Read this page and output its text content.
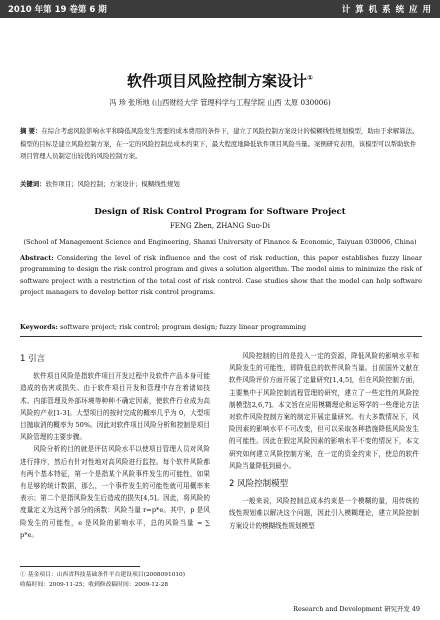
2010 年第 19 卷第 6 期	计 算 机 系 统 应 用
软件项目风险控制方案设计①
冯 珍 张所地 (山西财经大学 管理科学与工程学院 山西 太原 030006)
摘 要：在综合考虑风险影响水平和降低风险发生需要的成本费用的条件下，建立了风险控制方案设计的模糊线性规划模型，助由于求解算法。模型的目标是建立风险控制方案，在一定的风险控制总成本约束下，最大程度地降低软件项目风险当量。案例研究表明，该模型可以帮助软件项目管理人员制定出较优的风险控制方案。
关键词：软件项目；风险控制；方案设计；模糊线性规划
Design of Risk Control Program for Software Project
FENG Zhen, ZHANG Suo-Di
(School of Management Science and Engineering, Shanxi University of Finance & Economic, Taiyuan 030006, China)
Abstract: Considering the level of risk influence and the cost of risk reduction, this paper establishes fuzzy linear programming to design the risk control program and gives a solution algorithm. The model aims to minimize the risk of software project with a restriction of the total cost of risk control. Case studies show that the model can help software project managers to develop better risk control programs.
Keywords: software project; risk control; program design; fuzzy linear programming
1 引言

软件项目风险是指软件项目开发过程中及软件产品本身可能造成的伤害或损失。由于软件项目开发和管理中存在着诸如技术、内部管理及外部环境等种种不确定因素，使软件行业成为高风险的产业[1-3]。大型项目的按时完成的概率几乎为 0，大型项目抛取消的概率为 50%。因此对软件项目风险分析和控制是项目风险管理的主要步骤。

风险分析的目的就是评估风险水平以使项目管理人员对风险进行排序，然后有针对性地对高风险进行监控。每个软件风险都有两个基本特征，第一个是指某个风险事件发生的可能性，如果有足够的统计数据，那么，一个事件发生的可能性就可用概率来表示；第二个是指风险发生后造成的损失[4,5]。因此，将风险的度量定义为这两个部分的函数：风险当量 r=p*e。其中，p 是风险发生的可能性，e 是风险的影响水平，总的风险当量 = ∑ p*e。

风险控制的目的是投入一定的资源，降低风险的影响水平和风险发生的可能性，即降低总的软件风险当量。目前国外文献在软件风险评价方面开展了定量研究[1,4,5]，但在风险控制方面，主要集中于风险控制流程管理的研究，建立了一些定性的风险控制模型[2,6,7]。本文旨在应用模糊理论和运筹学的一些理论方法对软件风险控制方案的制定开展定量研究。有大多数情况下，风险因素的影响水平不可改变，但可以采取各种措施降低风险发生的可能性。因此在假定风险因素的影响水平不变的情况下，本文研究如何建立风险控制方案，在一定的资金约束下，使总的软件风险当量降低到最小。

2 风险控制模型

一般来说，风险控制总成本约束是一个模糊的量，用传统的线性规划难以解决这个问题，因此引入模糊理论，建立风险控制方案设计的模糊线性规划模型

① 基金项目：山西省科技基础条件平台建设项目(2008091010)
收稿时间：2009-11-25；收到修改稿时间：2009-12-28
Research and Development 研究开发 49
